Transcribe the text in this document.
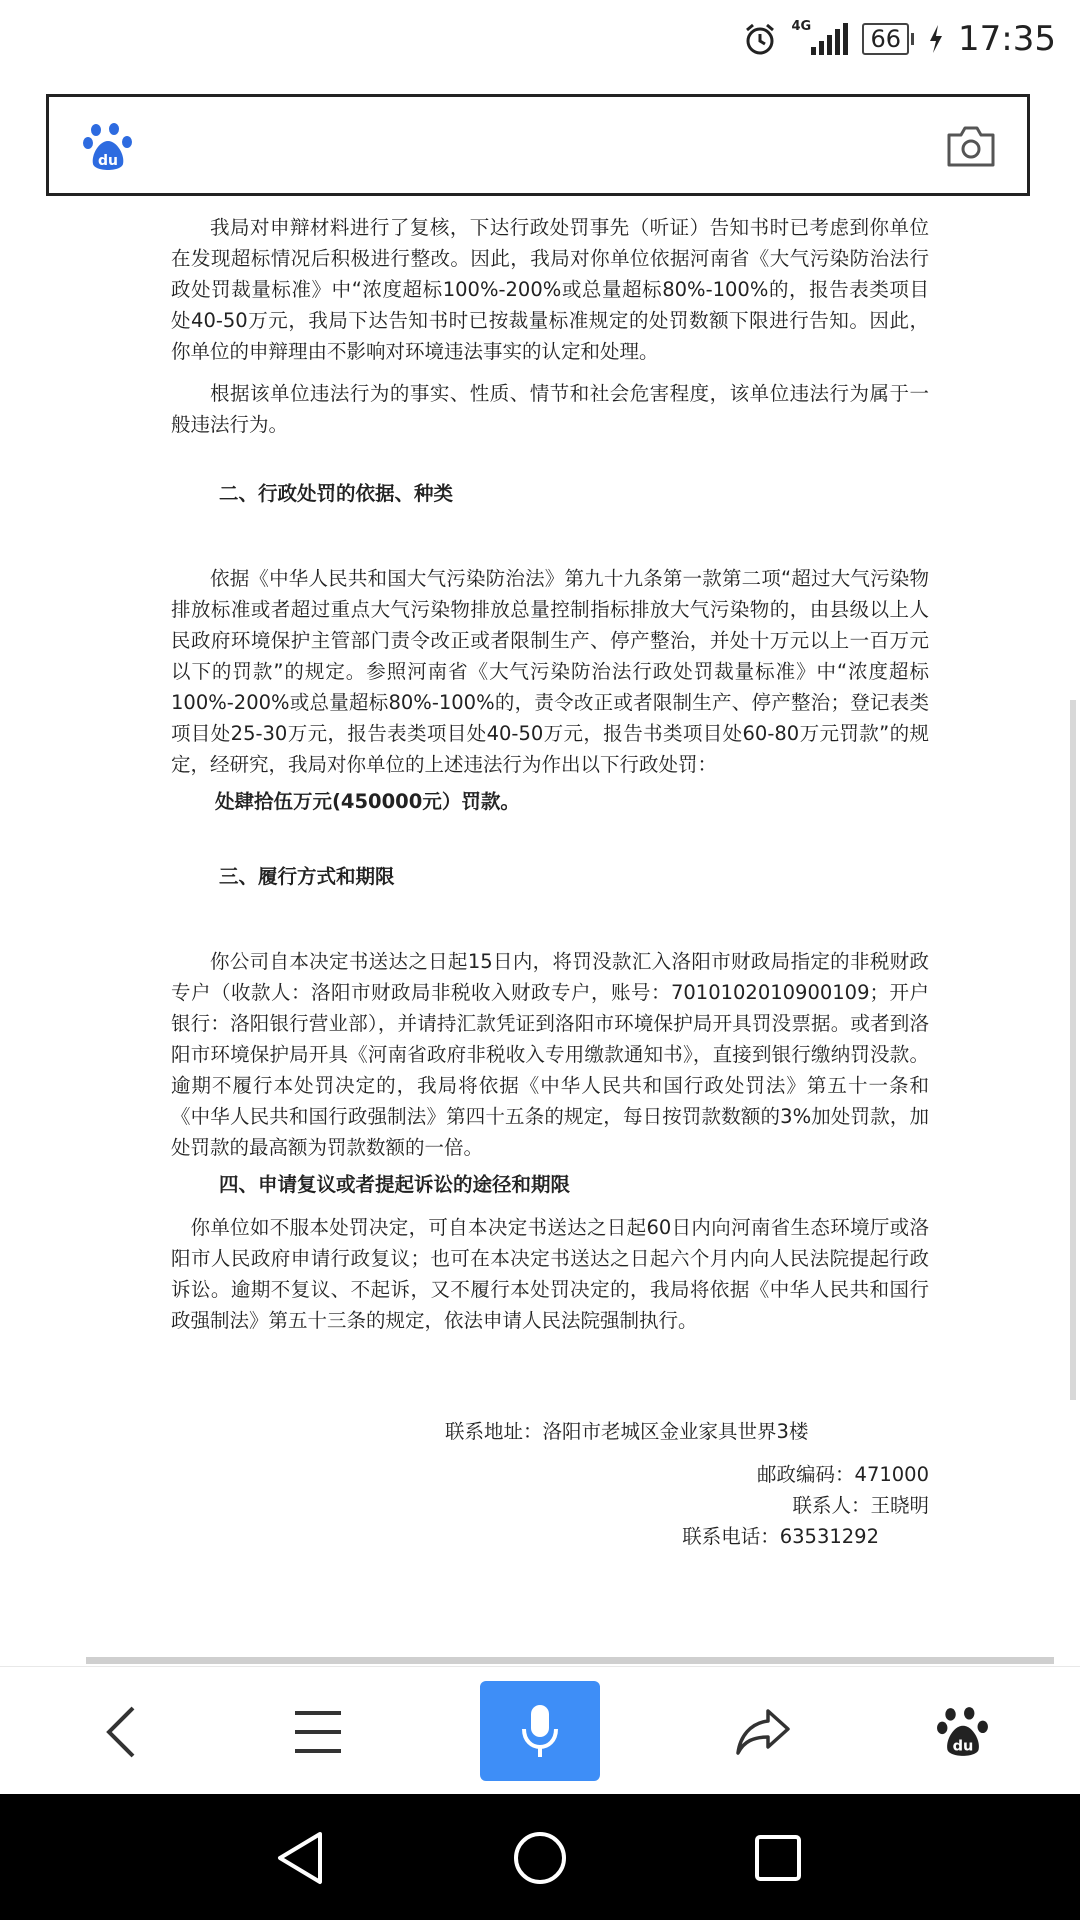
4G	66 17:35
du

我局对申辩材料进行了复核，下达行政处罚事先（听证）告知书时已考虑到你单位在发现超标情况后积极进行整改。因此，我局对你单位依据河南省《大气污染防治法行政处罚裁量标准》中“浓度超标100%-200%或总量超标80%-100%的，报告表类项目处40-50万元，我局下达告知书时已按裁量标准规定的处罚数额下限进行告知。因此，你单位的申辩理由不影响对环境违法事实的认定和处理。

根据该单位违法行为的事实、性质、情节和社会危害程度，该单位违法行为属于一般违法行为。

二、行政处罚的依据、种类

依据《中华人民共和国大气污染防治法》第九十九条第一款第二项“超过大气污染物排放标准或者超过重点大气污染物排放总量控制指标排放大气污染物的，由县级以上人民政府环境保护主管部门责令改正或者限制生产、停产整治，并处十万元以上一百万元以下的罚款”的规定。参照河南省《大气污染防治法行政处罚裁量标准》中“浓度超标100%-200%或总量超标80%-100%的，责令改正或者限制生产、停产整治；登记表类项目处25-30万元，报告表类项目处40-50万元，报告书类项目处60-80万元罚款”的规定，经研究，我局对你单位的上述违法行为作出以下行政处罚：

处肆拾伍万元(450000元）罚款。

三、履行方式和期限

你公司自本决定书送达之日起15日内，将罚没款汇入洛阳市财政局指定的非税财政专户（收款人：洛阳市财政局非税收入财政专户，账号：7010102010900109；开户银行：洛阳银行营业部），并请持汇款凭证到洛阳市环境保护局开具罚没票据。或者到洛阳市环境保护局开具《河南省政府非税收入专用缴款通知书》，直接到银行缴纳罚没款。逾期不履行本处罚决定的，我局将依据《中华人民共和国行政处罚法》第五十一条和《中华人民共和国行政强制法》第四十五条的规定，每日按罚款数额的3%加处罚款，加处罚款的最高额为罚款数额的一倍。

四、申请复议或者提起诉讼的途径和期限

你单位如不服本处罚决定，可自本决定书送达之日起60日内向河南省生态环境厅或洛阳市人民政府申请行政复议；也可在本决定书送达之日起六个月内向人民法院提起行政诉讼。逾期不复议、不起诉，又不履行本处罚决定的，我局将依据《中华人民共和国行政强制法》第五十三条的规定，依法申请人民法院强制执行。

联系地址：洛阳市老城区金业家具世界3楼

邮政编码：471000

联系人：王晓明

联系电话：63531292

du
